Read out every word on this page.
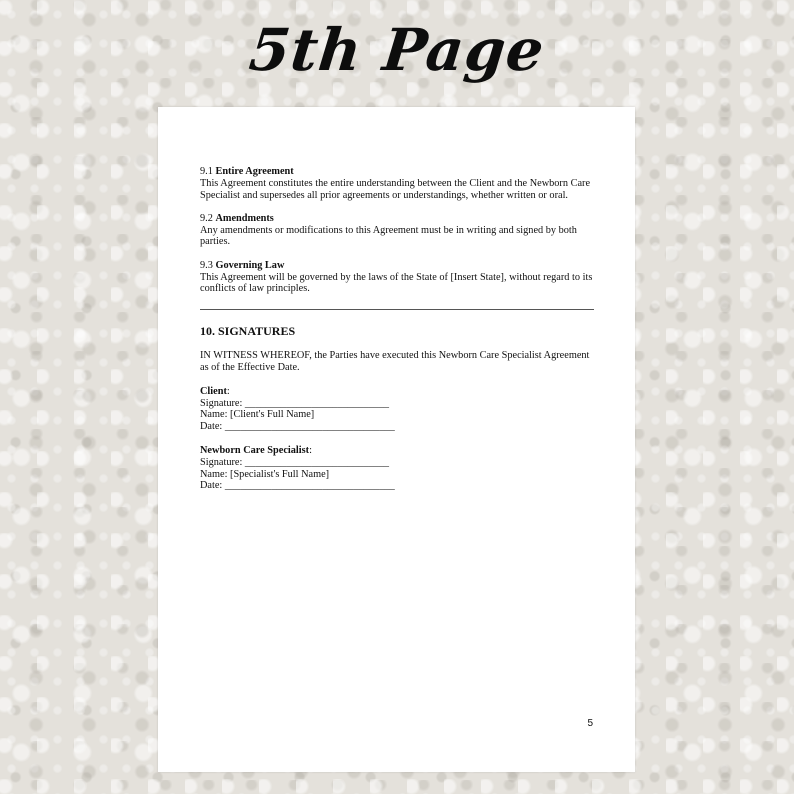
5th Page

9.1 Entire Agreement

This Agreement constitutes the entire understanding between the Client and the Newborn Care Specialist and supersedes all prior agreements or understandings, whether written or oral.

9.2 Amendments

Any amendments or modifications to this Agreement must be in writing and signed by both parties.

9.3 Governing Law

This Agreement will be governed by the laws of the State of [Insert State], without regard to its conflicts of law principles.

10. SIGNATURES

IN WITNESS WHEREOF, the Parties have executed this Newborn Care Specialist Agreement as of the Effective Date.

Client:
Signature: ____________________________
Name: [Client's Full Name]
Date: _________________________________
Newborn Care Specialist:
Signature: ____________________________
Name: [Specialist's Full Name]
Date: _________________________________
5
